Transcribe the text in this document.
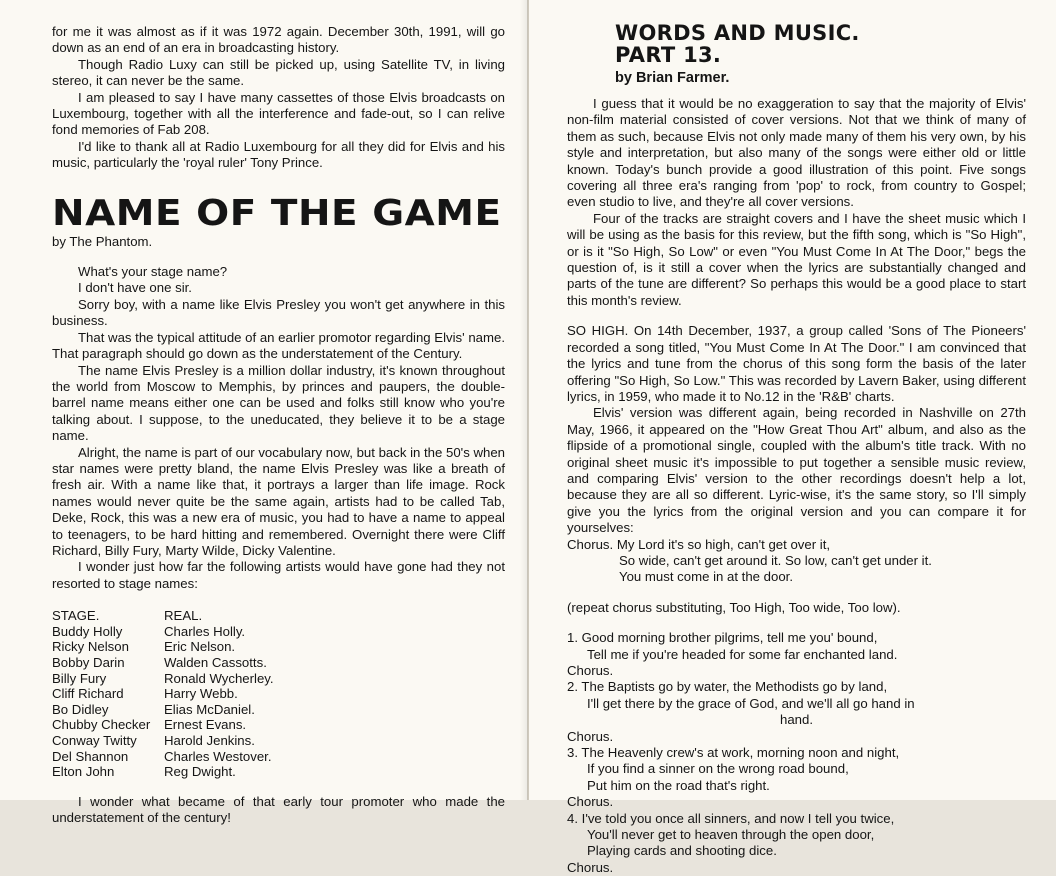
for me it was almost as if it was 1972 again. December 30th, 1991, will go down as an end of an era in broadcasting history.

Though Radio Luxy can still be picked up, using Satellite TV, in living stereo, it can never be the same.

I am pleased to say I have many cassettes of those Elvis broadcasts on Luxembourg, together with all the interference and fade-out, so I can relive fond memories of Fab 208.

I'd like to thank all at Radio Luxembourg for all they did for Elvis and his music, particularly the 'royal ruler' Tony Prince.

NAME OF THE GAME

by The Phantom.

What's your stage name?

I don't have one sir.

Sorry boy, with a name like Elvis Presley you won't get anywhere in this business.

That was the typical attitude of an earlier promotor regarding Elvis' name. That paragraph should go down as the understatement of the Century.

The name Elvis Presley is a million dollar industry, it's known throughout the world from Moscow to Memphis, by princes and paupers, the double-barrel name means either one can be used and folks still know who you're talking about. I suppose, to the uneducated, they believe it to be a stage name.

Alright, the name is part of our vocabulary now, but back in the 50's when star names were pretty bland, the name Elvis Presley was like a breath of fresh air. With a name like that, it portrays a larger than life image. Rock names would never quite be the same again, artists had to be called Tab, Deke, Rock, this was a new era of music, you had to have a name to appeal to teenagers, to be hard hitting and remembered. Overnight there were Cliff Richard, Billy Fury, Marty Wilde, Dicky Valentine.

I wonder just how far the following artists would have gone had they not resorted to stage names:

STAGE.	REAL.
Buddy Holly	Charles Holly.
Ricky Nelson	Eric Nelson.
Bobby Darin	Walden Cassotts.
Billy Fury	Ronald Wycherley.
Cliff Richard	Harry Webb.
Bo Didley	Elias McDaniel.
Chubby Checker	Ernest Evans.
Conway Twitty	Harold Jenkins.
Del Shannon	Charles Westover.
Elton John	Reg Dwight.

I wonder what became of that early tour promoter who made the understatement of the century!

WORDS AND MUSIC.
PART 13.
by Brian Farmer.

I guess that it would be no exaggeration to say that the majority of Elvis' non-film material consisted of cover versions. Not that we think of many of them as such, because Elvis not only made many of them his very own, by his style and interpretation, but also many of the songs were either old or little known. Today's bunch provide a good illustration of this point. Five songs covering all three era's ranging from 'pop' to rock, from country to Gospel; even studio to live, and they're all cover versions.

Four of the tracks are straight covers and I have the sheet music which I will be using as the basis for this review, but the fifth song, which is "So High", or is it "So High, So Low" or even "You Must Come In At The Door," begs the question of, is it still a cover when the lyrics are substantially changed and parts of the tune are different? So perhaps this would be a good place to start this month's review.

SO HIGH. On 14th December, 1937, a group called 'Sons of The Pioneers' recorded a song titled, "You Must Come In At The Door." I am convinced that the lyrics and tune from the chorus of this song form the basis of the later offering "So High, So Low." This was recorded by Lavern Baker, using different lyrics, in 1959, who made it to No.12 in the 'R&B' charts.

Elvis' version was different again, being recorded in Nashville on 27th May, 1966, it appeared on the "How Great Thou Art" album, and also as the flipside of a promotional single, coupled with the album's title track. With no original sheet music it's impossible to put together a sensible music review, and comparing Elvis' version to the other recordings doesn't help a lot, because they are all so different. Lyric-wise, it's the same story, so I'll simply give you the lyrics from the original version and you can compare it for yourselves:

Chorus. My Lord it's so high, can't get over it,
So wide, can't get around it. So low, can't get under it.
You must come in at the door.
(repeat chorus substituting, Too High, Too wide, Too low).
1. Good morning brother pilgrims, tell me you' bound,
Tell me if you're headed for some far enchanted land.
Chorus.
2. The Baptists go by water, the Methodists go by land,
I'll get there by the grace of God, and we'll all go hand in
hand.
Chorus.
3. The Heavenly crew's at work, morning noon and night,
If you find a sinner on the wrong road bound,
Put him on the road that's right.
Chorus.
4. I've told you once all sinners, and now I tell you twice,
You'll never get to heaven through the open door,
Playing cards and shooting dice.
Chorus.
